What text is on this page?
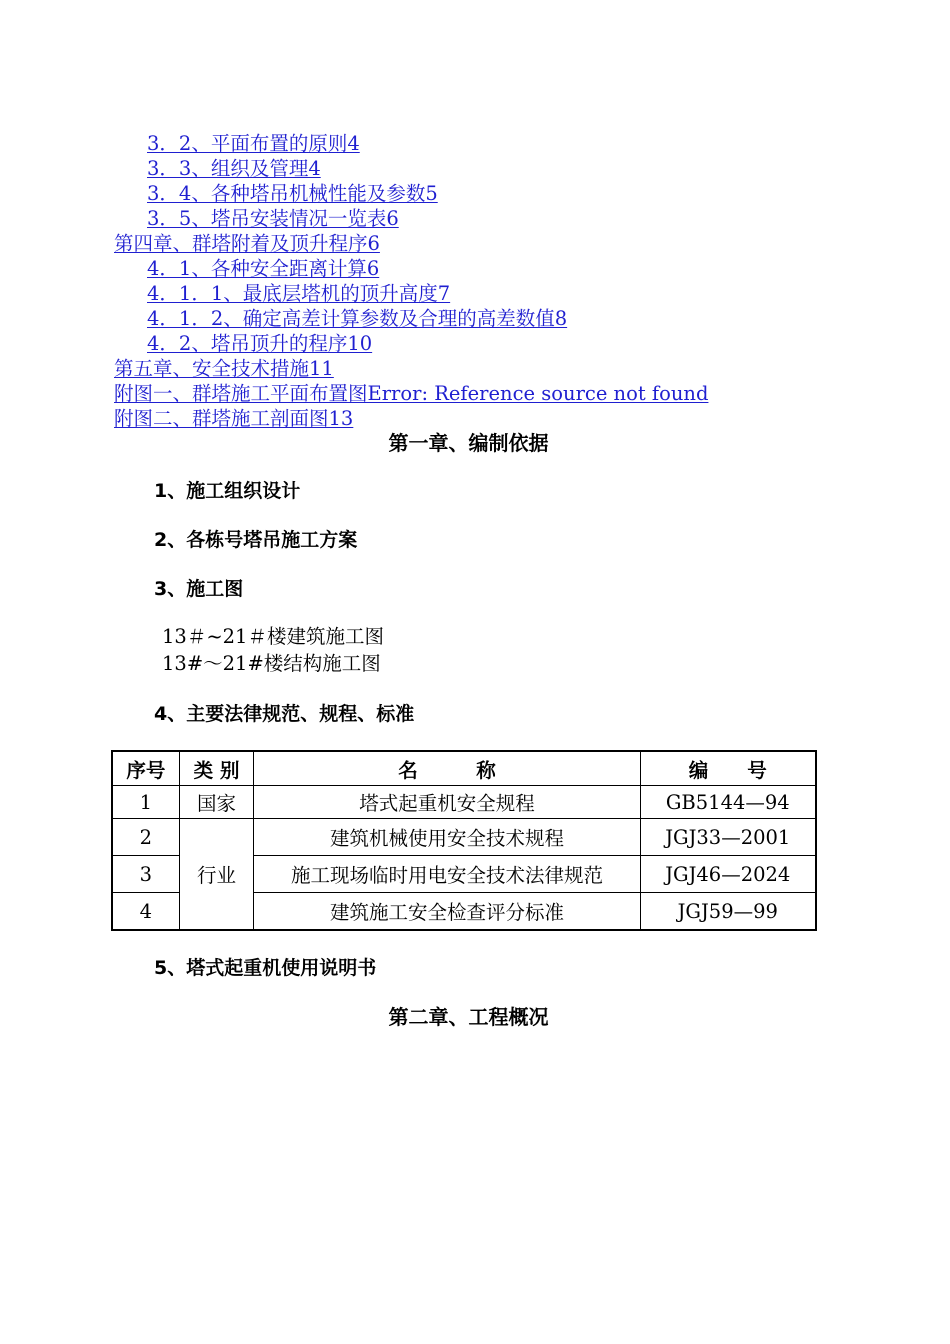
3．2、平面布置的原则4
3．3、组织及管理4
3．4、各种塔吊机械性能及参数5
3．5、塔吊安装情况一览表6
第四章、群塔附着及顶升程序6
4．1、各种安全距离计算6
4．1．1、最底层塔机的顶升高度7
4．1．2、确定高差计算参数及合理的高差数值8
4．2、塔吊顶升的程序10
第五章、安全技术措施11
附图一、群塔施工平面布置图Error: Reference source not found
附图二、群塔施工剖面图13
第一章、编制依据
1、施工组织设计
2、各栋号塔吊施工方案
3、施工图
13＃~21＃楼建筑施工图
13#～21#楼结构施工图
4、主要法律规范、规程、标准
序号	类 别	名　　　称	编　　号
1	国家	塔式起重机安全规程	GB5144—94
2	行业	建筑机械使用安全技术规程	JGJ33—2001
3		施工现场临时用电安全技术法律规范	JGJ46—2024
4		建筑施工安全检查评分标准	JGJ59—99
5、塔式起重机使用说明书
第二章、工程概况
